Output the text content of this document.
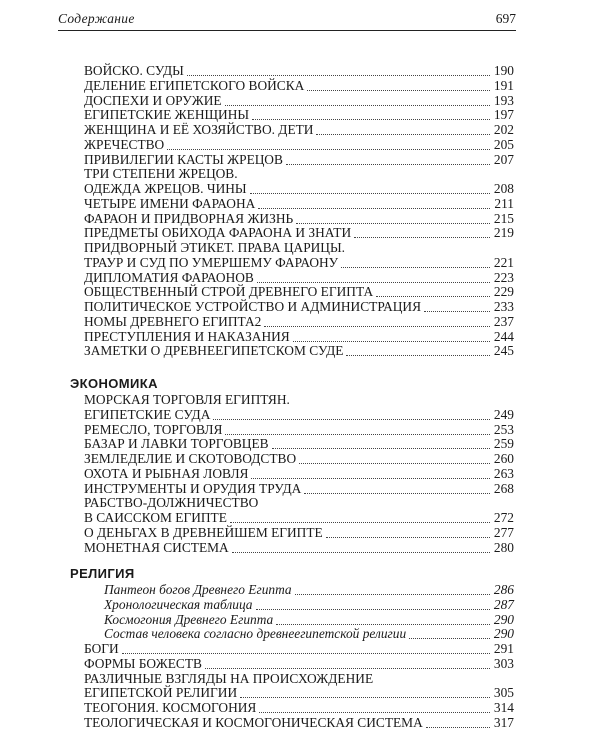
Содержание	697
ВОЙСКО. СУДЫ	190
ДЕЛЕНИЕ ЕГИПЕТСКОГО ВОЙСКА	191
ДОСПЕХИ И ОРУЖИЕ	193
ЕГИПЕТСКИЕ ЖЕНЩИНЫ	197
ЖЕНЩИНА И ЕЁ ХОЗЯЙСТВО. ДЕТИ	202
ЖРЕЧЕСТВО	205
ПРИВИЛЕГИИ КАСТЫ ЖРЕЦОВ	207
ТРИ СТЕПЕНИ ЖРЕЦОВ.
ОДЕЖДА ЖРЕЦОВ. ЧИНЫ	208
ЧЕТЫРЕ ИМЕНИ ФАРАОНА	211
ФАРАОН И ПРИДВОРНАЯ ЖИЗНЬ	215
ПРЕДМЕТЫ ОБИХОДА ФАРАОНА И ЗНАТИ	219
ПРИДВОРНЫЙ ЭТИКЕТ. ПРАВА ЦАРИЦЫ.
ТРАУР И СУД ПО УМЕРШЕМУ ФАРАОНУ	221
ДИПЛОМАТИЯ ФАРАОНОВ	223
ОБЩЕСТВЕННЫЙ СТРОЙ ДРЕВНЕГО ЕГИПТА	229
ПОЛИТИЧЕСКОЕ УСТРОЙСТВО И АДМИНИСТРАЦИЯ	233
НОМЫ ДРЕВНЕГО ЕГИПТА2	237
ПРЕСТУПЛЕНИЯ И НАКАЗАНИЯ	244
ЗАМЕТКИ О ДРЕВНЕЕГИПЕТСКОМ СУДЕ	245
ЭКОНОМИКА
МОРСКАЯ ТОРГОВЛЯ ЕГИПТЯН.
ЕГИПЕТСКИЕ СУДА	249
РЕМЕСЛО, ТОРГОВЛЯ	253
БАЗАР И ЛАВКИ ТОРГОВЦЕВ	259
ЗЕМЛЕДЕЛИЕ И СКОТОВОДСТВО	260
ОХОТА И РЫБНАЯ ЛОВЛЯ	263
ИНСТРУМЕНТЫ И ОРУДИЯ ТРУДА	268
РАБСТВО-ДОЛЖНИЧЕСТВО
В САИССКОМ ЕГИПТЕ	272
О ДЕНЬГАХ В ДРЕВНЕЙШЕМ ЕГИПТЕ	277
МОНЕТНАЯ СИСТЕМА	280
РЕЛИГИЯ
Пантеон богов Древнего Египта	286
Хронологическая таблица	287
Космогония Древнего Египта	290
Состав человека согласно древнеегипетской религии	290
БОГИ	291
ФОРМЫ БОЖЕСТВ	303
РАЗЛИЧНЫЕ ВЗГЛЯДЫ НА ПРОИСХОЖДЕНИЕ
ЕГИПЕТСКОЙ РЕЛИГИИ	305
ТЕОГОНИЯ. КОСМОГОНИЯ	314
ТЕОЛОГИЧЕСКАЯ И КОСМОГОНИЧЕСКАЯ СИСТЕМА	317
